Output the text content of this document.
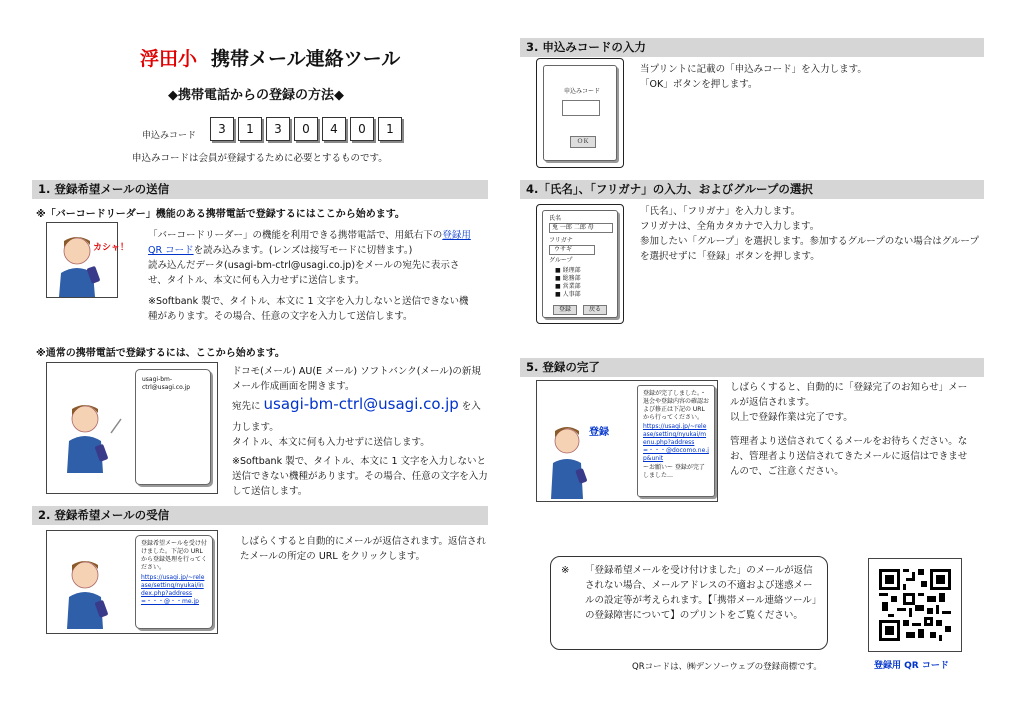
浮田小 携帯メール連絡ツール
◆携帯電話からの登録の方法◆
申込みコード	3	1	3	0	4	0	1
申込みコードは会員が登録するために必要とするものです。
1. 登録希望メールの送信
※「バーコードリーダー」機能のある携帯電話で登録するにはここから始めます。
カシャ！
「バーコードリーダー」の機能を利用できる携帯電話で、用紙右下の登録用 QR コードを読み込みます。(レンズは接写モードに切替ます。)
読み込んだデータ(usagi-bm-ctrl@usagi.co.jp)をメールの宛先に表示させ、タイトル、本文に何も入力せずに送信します。
※Softbank 製で、タイトル、本文に 1 文字を入力しないと送信できない機種があります。その場合、任意の文字を入力して送信します。
※通常の携帯電話で登録するには、ここから始めます。
usagi-bm-ctrl@usagi.co.jp
ドコモ(メール) AU(E メール) ソフトバンク(メール)の新規メール作成画面を開きます。
宛先に usagi-bm-ctrl@usagi.co.jp を入力します。
タイトル、本文に何も入力せずに送信します。
※Softbank 製で、タイトル、本文に 1 文字を入力しないと送信できない機種があります。その場合、任意の文字を入力して送信します。
2. 登録希望メールの受信
登録希望メールを受け付けました。下記の URL から登録処理を行ってください。
https://usagi.jp/~release/setting/nyukai/index.php?address=・・・@・・me.jp
しばらくすると自動的にメールが返信されます。返信されたメールの所定の URL をクリックします。
3. 申込みコードの入力
申込みコード
ＯＫ
当プリントに記載の「申込みコード」を入力します。
「OK」ボタンを押します。
4.「氏名」、「フリガナ」の入力、およびグループの選択
氏名
兎 一郎 二郎 母
フリガナ
ウサギ
グループ
■ 経理部
■ 総務部
■ 営業部
■ 人事部
登録	戻る
「氏名」、「フリガナ」を入力します。
フリガナは、全角カタカナで入力します。
参加したい「グループ」を選択します。参加するグループのない場合はグループを選択せずに「登録」ボタンを押します。
5. 登録の完了
登録
登録が完了しました。・退会や登録内容の確認および修正は下記の URL から行ってください。
https://usagi.jp/~release/setting/nyukai/menu.php?address=・・・@docomo.ne.jp&unit
ーお願いー 登録が完了しました…
しばらくすると、自動的に「登録完了のお知らせ」メールが返信されます。
以上で登録作業は完了です。
管理者より送信されてくるメールをお待ちください。なお、管理者より送信されてきたメールに返信はできませんので、ご注意ください。
※ 「登録希望メールを受け付けました」のメールが返信されない場合、メールアドレスの不適および迷惑メールの設定等が考えられます。【「携帯メール連絡ツール」の登録障害について】のプリントをご覧ください。
QRコードは、㈱デンソーウェブの登録商標です。	登録用 QR コード
